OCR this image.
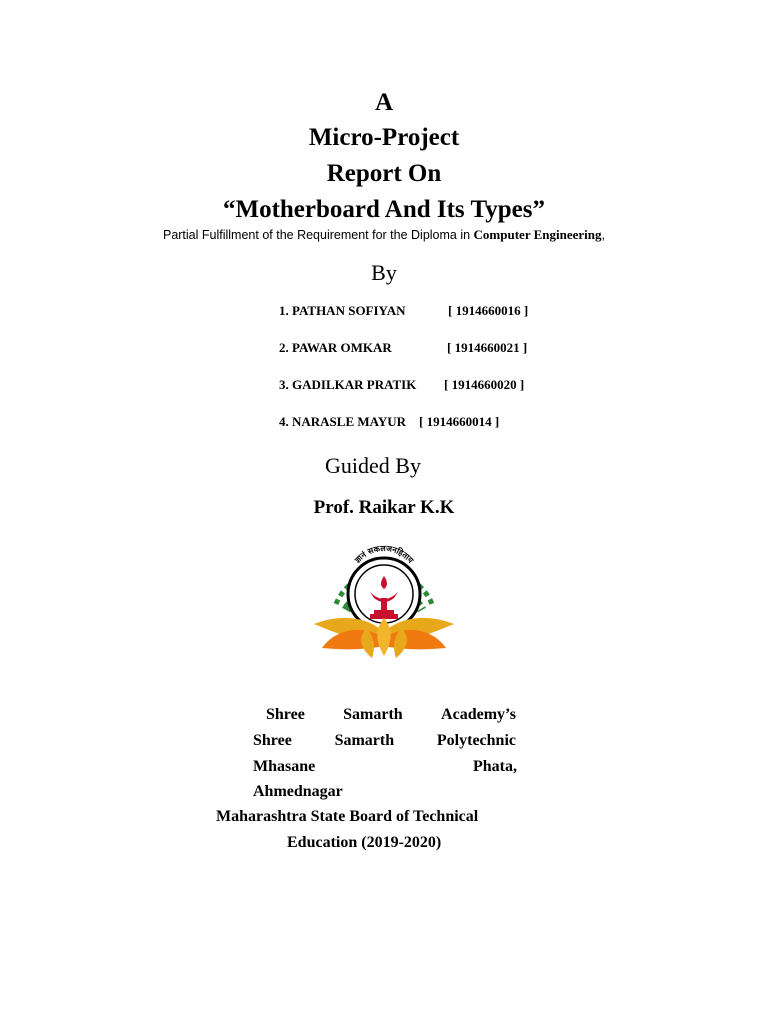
A
Micro-Project
Report On
“Motherboard And Its Types”
Partial Fulfillment of the Requirement for the Diploma in Computer Engineering,
By
1. PATHAN SOFIYAN	[ 1914660016 ]
2. PAWAR OMKAR	[ 1914660021 ]
3. GADILKAR PRATIK [ 1914660020 ]
4. NARASLE MAYUR [ 1914660014 ]
Guided By
Prof. Raikar K.K
ज्ञानं सकलजनहिताय
Shree Samarth Academy’s
Shree	Samarth	Polytechnic
Mhasane	Phata,
Ahmednagar
Maharashtra State Board of Technical
Education (2019-2020)
